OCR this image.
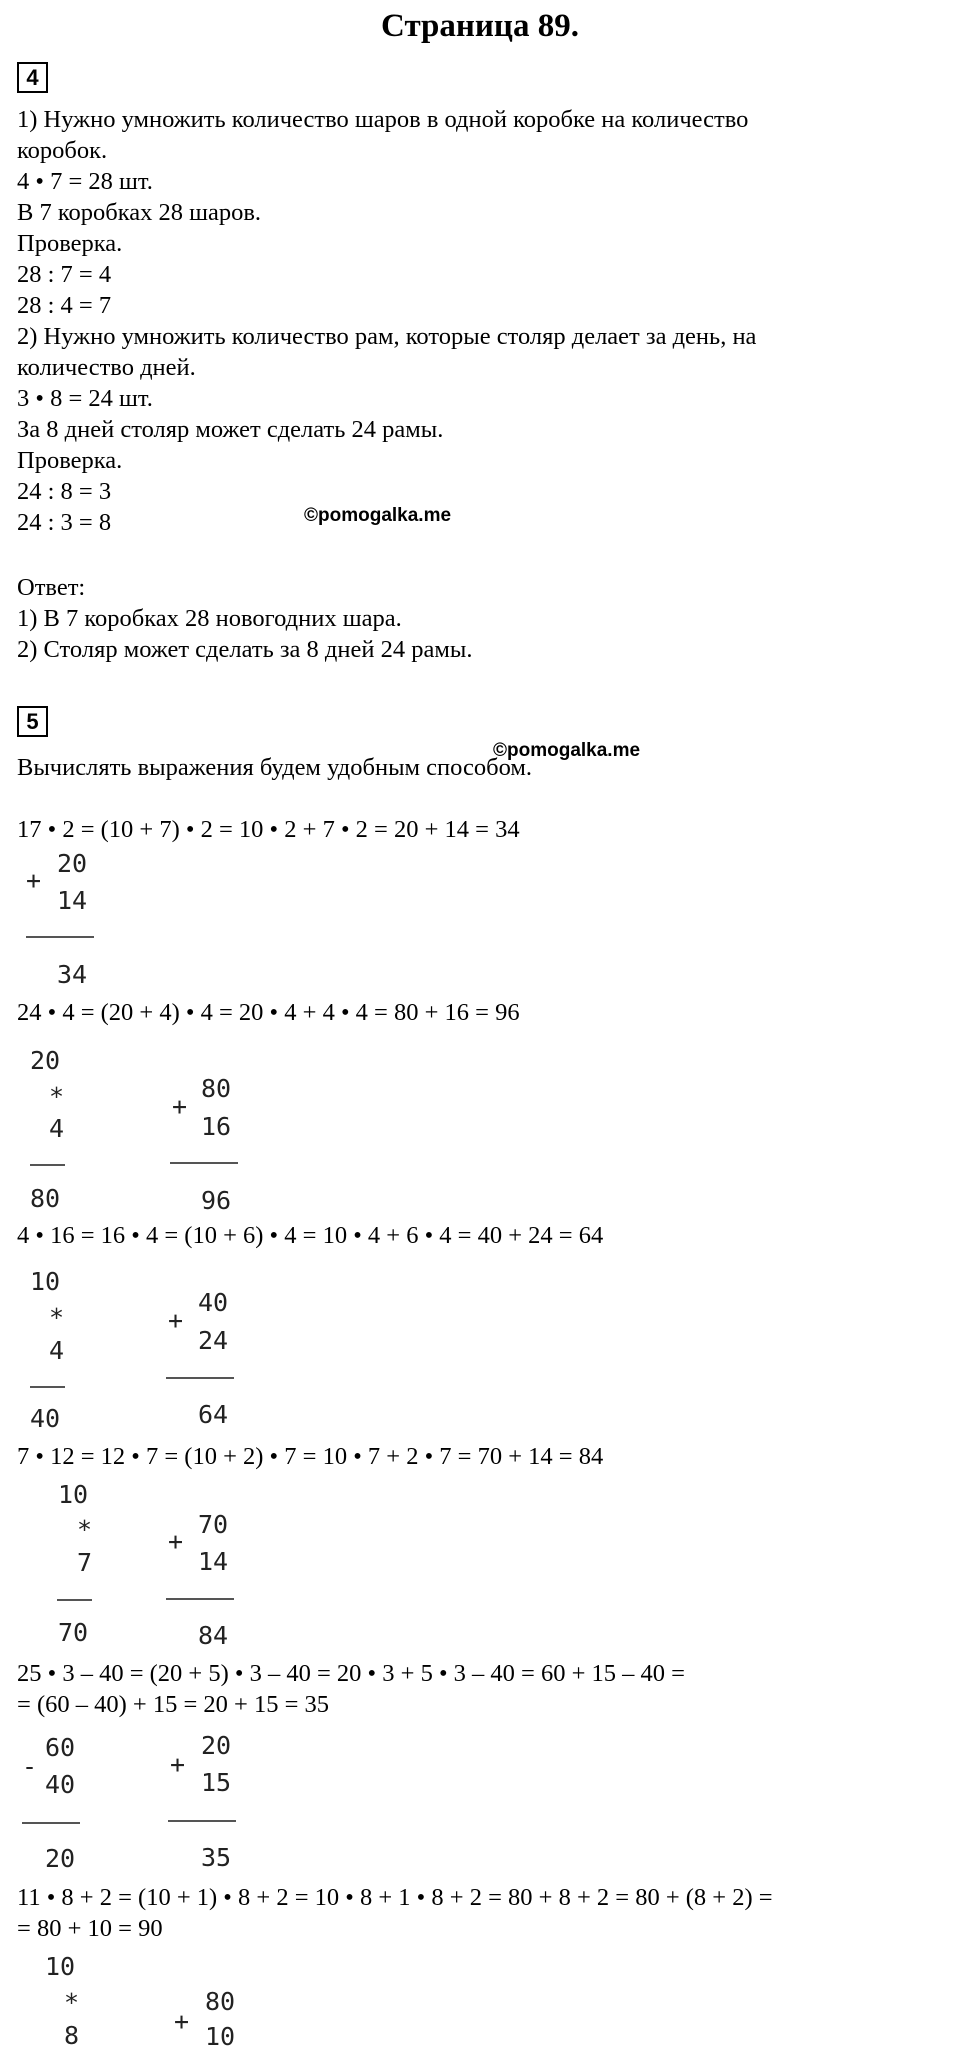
Страница 89.
4
1) Нужно умножить количество шаров в одной коробке на количество
коробок.
4 • 7 = 28 шт.
В 7 коробках 28 шаров.
Проверка.
28 : 7 = 4
28 : 4 = 7
2) Нужно умножить количество рам, которые столяр делает за день, на
количество дней.
3 • 8 = 24 шт.
За 8 дней столяр может сделать 24 рамы.
Проверка.
24 : 8 = 3
24 : 3 = 8	©pomogalka.me
Ответ:
1) В 7 коробках 28 новогодних шара.
2) Столяр может сделать за 8 дней 24 рамы.
5
Вычислять выражения будем удобным способом.
©pomogalka.me
17 • 2 = (10 + 7) • 2 = 10 • 2 + 7 • 2 = 20 + 14 = 34
+
20
14
34
24 • 4 = (20 + 4) • 4 = 20 • 4 + 4 • 4 = 80 + 16 = 96
20
*
4
80
+
80
16
96
4 • 16 = 16 • 4 = (10 + 6) • 4 = 10 • 4 + 6 • 4 = 40 + 24 = 64
10
*
4
40
+
40
24
64
7 • 12 = 12 • 7 = (10 + 2) • 7 = 10 • 7 + 2 • 7 = 70 + 14 = 84
10
*
7
70
+
70
14
84
25 • 3 – 40 = (20 + 5) • 3 – 40 = 20 • 3 + 5 • 3 – 40 = 60 + 15 – 40 =
= (60 – 40) + 15 = 20 + 15 = 35
-
60
40
20
+
20
15
35
11 • 8 + 2 = (10 + 1) • 8 + 2 = 10 • 8 + 1 • 8 + 2 = 80 + 8 + 2 = 80 + (8 + 2) =
= 80 + 10 = 90
10
*
8	+
80
10
